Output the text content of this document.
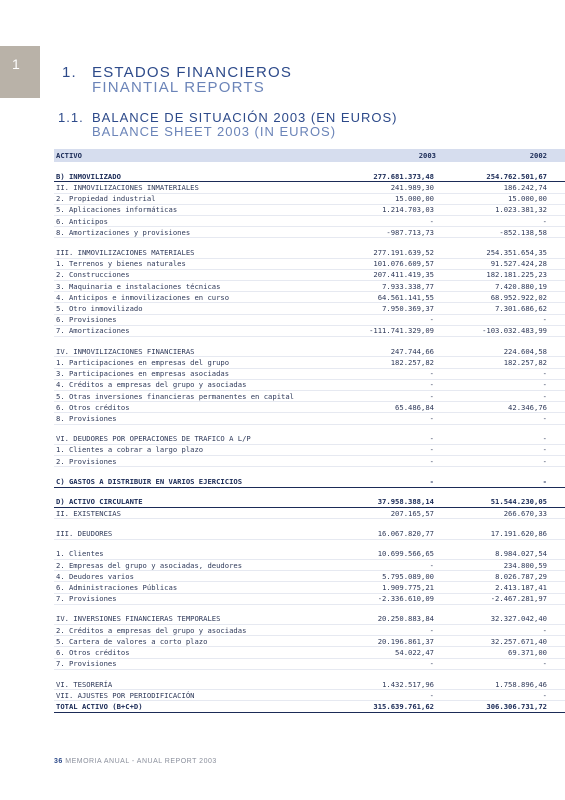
1	1. ESTADOS FINANCIEROS
FINANTIAL REPORTS
1.1. BALANCE DE SITUACIÓN 2003 (EN EUROS)
BALANCE SHEET 2003 (IN EUROS)
ACTIVO	2003	2002
B) INMOVILIZADO	277.681.373,48	254.762.501,67
II. INMOVILIZACIONES INMATERIALES	241.989,30	186.242,74
2. Propiedad industrial	15.000,00	15.000,00
5. Aplicaciones informáticas	1.214.703,03	1.023.381,32
6. Anticipos	-	-
8. Amortizaciones y provisiones	-987.713,73	-852.138,58
III. INMOVILIZACIONES MATERIALES	277.191.639,52	254.351.654,35
1. Terrenos y bienes naturales	101.076.609,57	91.527.424,28
2. Construcciones	207.411.419,35	182.181.225,23
3. Maquinaria e instalaciones técnicas	7.933.338,77	7.420.880,19
4. Anticipos e inmovilizaciones en curso	64.561.141,55	68.952.922,02
5. Otro inmovilizado	7.950.369,37	7.301.686,62
6. Provisiones	-	-
7. Amortizaciones	-111.741.329,09	-103.032.483,99
IV. INMOVILIZACIONES FINANCIERAS	247.744,66	224.604,58
1. Participaciones en empresas del grupo	182.257,82	182.257,82
3. Participaciones en empresas asociadas	-	-
4. Créditos a empresas del grupo y asociadas	-	-
5. Otras inversiones financieras permanentes en capital	-	-
6. Otros créditos	65.486,84	42.346,76
8. Provisiones	-	-
VI. DEUDORES POR OPERACIONES DE TRAFICO A L/P	-	-
1. Clientes a cobrar a largo plazo	-	-
2. Provisiones	-	-
C) GASTOS A DISTRIBUIR EN VARIOS EJERCICIOS	-	-
D) ACTIVO CIRCULANTE	37.958.388,14	51.544.230,05
II. EXISTENCIAS	207.165,57	266.670,33
III. DEUDORES	16.067.820,77	17.191.620,86
1. Clientes	10.699.566,65	8.984.027,54
2. Empresas del grupo y asociadas, deudores	-	234.800,59
4. Deudores varios	5.795.089,00	8.026.787,29
6. Administraciones Públicas	1.909.775,21	2.413.187,41
7. Provisiones	-2.336.610,09	-2.467.281,97
IV. INVERSIONES FINANCIERAS TEMPORALES	20.250.883,84	32.327.042,40
2. Créditos a empresas del grupo y asociadas	-	-
5. Cartera de valores a corto plazo	20.196.861,37	32.257.671,40
6. Otros créditos	54.022,47	69.371,00
7. Provisiones	-	-
VI. TESORERÍA	1.432.517,96	1.758.896,46
VII. AJUSTES POR PERIODIFICACIÓN	-	-
TOTAL ACTIVO (B+C+D)	315.639.761,62	306.306.731,72
36 MEMORIA ANUAL - ANUAL REPORT 2003
